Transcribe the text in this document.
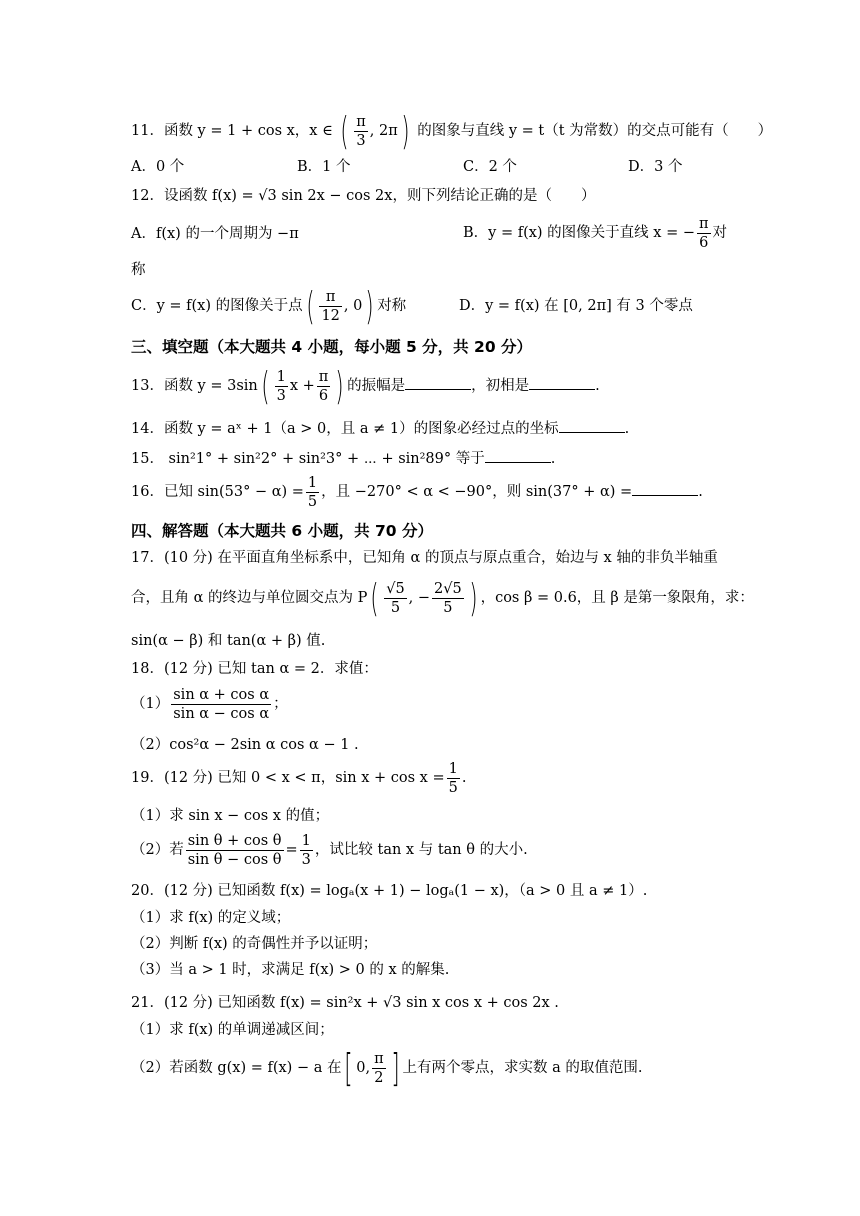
11．函数 y = 1 + cos x，x ∈ ( $\frac{\pi}{3}$ , 2π) 的图象与直线 y = t（t 为常数）的交点可能有（　　）
A．0 个	B．1 个	C．2 个	D．3 个
12．设函数 f(x) = √3 sin 2x − cos 2x，则下列结论正确的是（　　）
A．f(x) 的一个周期为 −π	B．y = f(x) 的图像关于直线 x = − $\frac{\pi}{6}$ 对
称
C．y = f(x) 的图像关于点( $\frac{\pi}{12}$ , 0) 对称	D．y = f(x) 在 [0, 2π] 有 3 个零点
三、填空题（本大题共 4 小题，每小题 5 分，共 20 分）
13．函数 $y = 3\sin( \frac{1}{3}$ $x + \frac{\pi}{6}$ ) 的振幅是	，初相是	.
14．函数 y = aˣ + 1（a > 0，且 a ≠ 1）的图象必经过点的坐标	.
15． sin²1° + sin²2° + sin²3° + ⋯ + sin²89° 等于	.
16．已知 $\sin(53^\circ - \alpha) = \frac{1}{5}$ ，且 −270° < α < −90°，则 sin(37° + α) =	.
四、解答题（本大题共 6 小题，共 70 分）
17．(10 分) 在平面直角坐标系中，已知角 α 的顶点与原点重合，始边与 x 轴的非负半轴重
合，且角 α 的终边与单位圆交点为 $P( \frac{√5}{5}$ , − $\frac{2√5}{5}$ ) ，cos β = 0.6，且 β 是第一象限角，求：
sin(α − β) 和 tan(α + β) 值.
18．(12 分) 已知 tan α = 2．求值：
$(1) \frac{\text{sin α + cos α}}{\text{sin α − cos α}}$ ；
（2）cos²α − 2sin α cos α − 1 .
19．(12 分) 已知 0 < x < π，$\sin x + \cos x = \frac{1}{5}$ .
（1）求 sin x − cos x 的值；
（2）若 $\frac{\text{sin θ + cos θ}}{\text{sin θ − cos θ}} = \frac{1}{3}$ ，试比较 tan x 与 tan θ 的大小.
20．(12 分) 已知函数 f(x) = logₐ(x + 1) − logₐ(1 − x)，（a > 0 且 a ≠ 1）.
（1）求 f(x) 的定义域；
（2）判断 f(x) 的奇偶性并予以证明；
（3）当 a > 1 时，求满足 f(x) > 0 的 x 的解集.
21．(12 分) 已知函数 f(x) = sin²x + √3 sin x cos x + cos 2x .
（1）求 f(x) 的单调递减区间；
（2）若函数 g(x) = f(x) − a 在[ 0, $\frac{\pi}{2}$ ] 上有两个零点，求实数 a 的取值范围.
